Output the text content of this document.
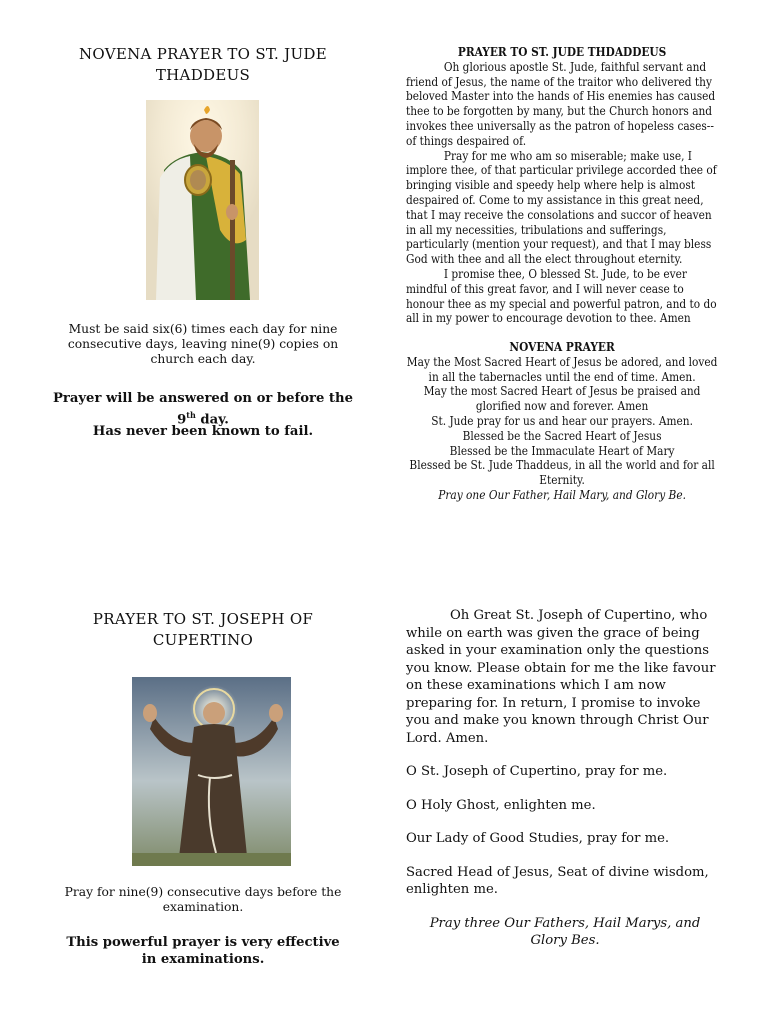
NOVENA PRAYER TO ST. JUDE THADDEUS
Must be said six(6) times each day for nine consecutive days, leaving nine(9) copies on church each day.
Prayer will be answered on or before the 9th day.
Has never been known to fail.
PRAYER TO ST. JUDE THDADDEUS

Oh glorious apostle St. Jude, faithful servant and friend of Jesus, the name of the traitor who delivered thy beloved Master into the hands of His enemies has caused thee to be forgotten by many, but the Church honors and invokes thee universally as the patron of hopeless cases--of things despaired of.

Pray for me who am so miserable; make use, I implore thee, of that particular privilege accorded thee of bringing visible and speedy help where help is almost despaired of. Come to my assistance in this great need, that I may receive the consolations and succor of heaven in all my necessities, tribulations and sufferings, particularly (mention your request), and that I may bless God with thee and all the elect throughout eternity.

I promise thee, O blessed St. Jude, to be ever mindful of this great favor, and I will never cease to honour thee as my special and powerful patron, and to do all in my power to encourage devotion to thee. Amen

NOVENA PRAYER

May the Most Sacred Heart of Jesus be adored, and loved in all the tabernacles until the end of time. Amen.

May the most Sacred Heart of Jesus be praised and glorified now and forever. Amen

St. Jude pray for us and hear our prayers. Amen.

Blessed be the Sacred Heart of Jesus

Blessed be the Immaculate Heart of Mary

Blessed be St. Jude Thaddeus, in all the world and for all Eternity.

Pray one Our Father, Hail Mary, and Glory Be.

PRAYER TO ST. JOSEPH OF CUPERTINO
Pray for nine(9) consecutive days before the examination.
This powerful prayer is very effective in examinations.

Oh Great St. Joseph of Cupertino, who while on earth was given the grace of being asked in your examination only the questions you know. Please obtain for me the like favour on these examinations which I am now preparing for. In return, I promise to invoke you and make you known through Christ Our Lord. Amen.

O St. Joseph of Cupertino, pray for me.

O Holy Ghost, enlighten me.

Our Lady of Good Studies, pray for me.

Sacred Head of Jesus, Seat of divine wisdom, enlighten me.

Pray three Our Fathers, Hail Marys, and Glory Bes.
